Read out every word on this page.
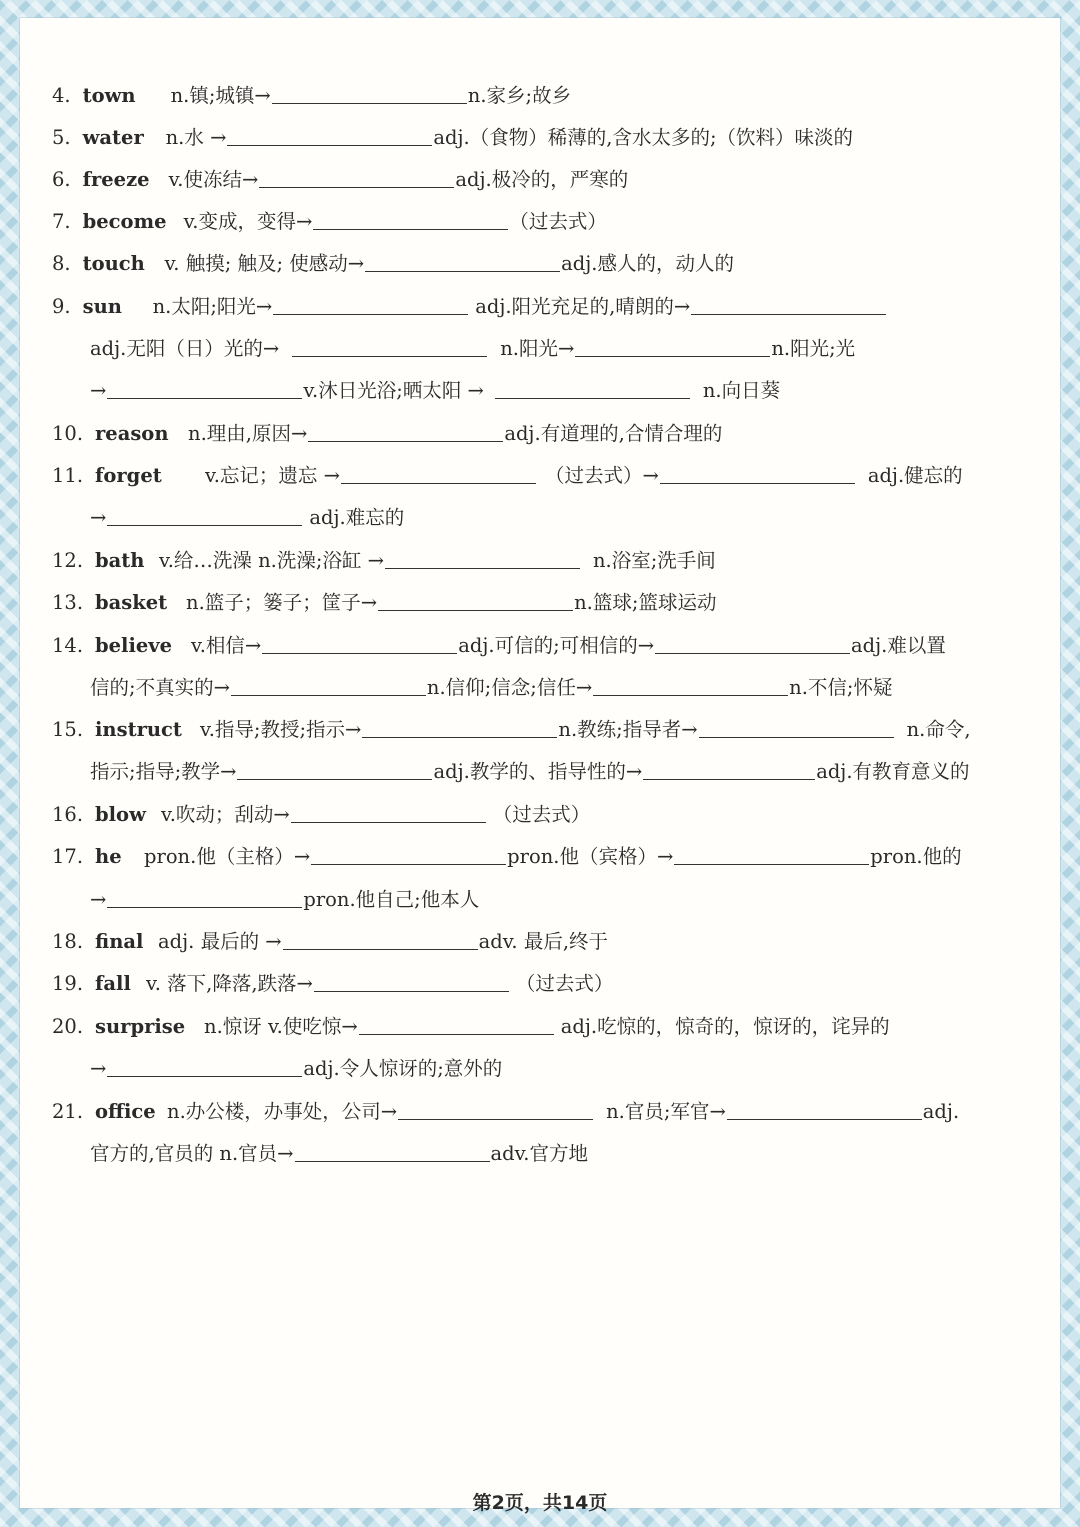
4. town	n.镇;城镇→	n.家乡;故乡
5. water	n.水 →	adj.（食物）稀薄的,含水太多的;（饮料）味淡的
6. freeze v.使冻结→	adj.极冷的，严寒的
7. become v.变成，变得→	（过去式）
8. touch	v. 触摸; 触及; 使感动→	adj.感人的，动人的
9. sun	n.太阳;阳光→	adj.阳光充足的,晴朗的→
adj.无阳（日）光的→	n.阳光→	n.阳光;光
→	v.沐日光浴;晒太阳 →	n.向日葵
10. reason	n.理由,原因→	adj.有道理的,合情合理的
11. forget	v.忘记；遗忘 →	（过去式）→	adj.健忘的
→	adj.难忘的
12. bath v.给…洗澡 n.洗澡;浴缸 →	n.浴室;洗手间
13. basket n.篮子；篓子；筐子→	n.篮球;篮球运动
14. believe v.相信→	adj.可信的;可相信的→	adj.难以置
信的;不真实的→	n.信仰;信念;信任→	n.不信;怀疑
15. instruct v.指导;教授;指示→	n.教练;指导者→	n.命令,
指示;指导;教学→	adj.教学的、指导性的→	adj.有教育意义的
16. blow v.吹动；刮动→	（过去式）
17. he	pron.他（主格）→	pron.他（宾格）→	pron.他的
→	pron.他自己;他本人
18. final adj. 最后的 →	adv. 最后,终于
19. fall v. 落下,降落,跌落→	（过去式）
20. surprise n.惊讶 v.使吃惊→	adj.吃惊的，惊奇的，惊讶的，诧异的
→	adj.令人惊讶的;意外的
21. office n.办公楼，办事处，公司→	n.官员;军官→	adj.
官方的,官员的 n.官员→	adv.官方地
第2页，共14页
